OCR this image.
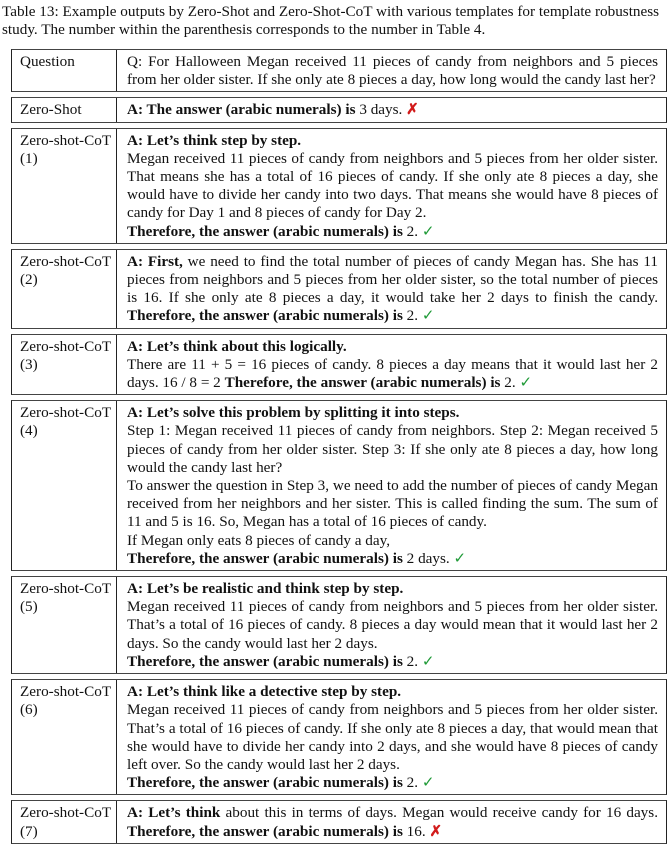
Table 13: Example outputs by Zero-Shot and Zero-Shot-CoT with various templates for template robustness study. The number within the parenthesis corresponds to the number in Table 4.
Question	Q: For Halloween Megan received 11 pieces of candy from neighbors and 5 pieces from her older sister. If she only ate 8 pieces a day, how long would the candy last her?
Zero-Shot	A: The answer (arabic numerals) is 3 days. ✗
Zero-shot-CoT (1)

A: Let’s think step by step.

Megan received 11 pieces of candy from neighbors and 5 pieces from her older sister. That means she has a total of 16 pieces of candy. If she only ate 8 pieces a day, she would have to divide her candy into two days. That means she would have 8 pieces of candy for Day 1 and 8 pieces of candy for Day 2.

Therefore, the answer (arabic numerals) is 2. ✓

Zero-shot-CoT (2)

A: First, we need to find the total number of pieces of candy Megan has. She has 11 pieces from neighbors and 5 pieces from her older sister, so the total number of pieces is 16. If she only ate 8 pieces a day, it would take her 2 days to finish the candy. Therefore, the answer (arabic numerals) is 2. ✓

Zero-shot-CoT (3)

A: Let’s think about this logically.

There are 11 + 5 = 16 pieces of candy. 8 pieces a day means that it would last her 2 days. 16 / 8 = 2 Therefore, the answer (arabic numerals) is 2. ✓

Zero-shot-CoT (4)

A: Let’s solve this problem by splitting it into steps.

Step 1: Megan received 11 pieces of candy from neighbors. Step 2: Megan received 5 pieces of candy from her older sister. Step 3: If she only ate 8 pieces a day, how long would the candy last her?

To answer the question in Step 3, we need to add the number of pieces of candy Megan received from her neighbors and her sister. This is called finding the sum. The sum of 11 and 5 is 16. So, Megan has a total of 16 pieces of candy.

If Megan only eats 8 pieces of candy a day,

Therefore, the answer (arabic numerals) is 2 days. ✓

Zero-shot-CoT (5)

A: Let’s be realistic and think step by step.

Megan received 11 pieces of candy from neighbors and 5 pieces from her older sister. That’s a total of 16 pieces of candy. 8 pieces a day would mean that it would last her 2 days. So the candy would last her 2 days.

Therefore, the answer (arabic numerals) is 2. ✓

Zero-shot-CoT (6)

A: Let’s think like a detective step by step.

Megan received 11 pieces of candy from neighbors and 5 pieces from her older sister. That’s a total of 16 pieces of candy. If she only ate 8 pieces a day, that would mean that she would have to divide her candy into 2 days, and she would have 8 pieces of candy left over. So the candy would last her 2 days.

Therefore, the answer (arabic numerals) is 2. ✓

Zero-shot-CoT (7)

A: Let’s think about this in terms of days. Megan would receive candy for 16 days. Therefore, the answer (arabic numerals) is 16. ✗
